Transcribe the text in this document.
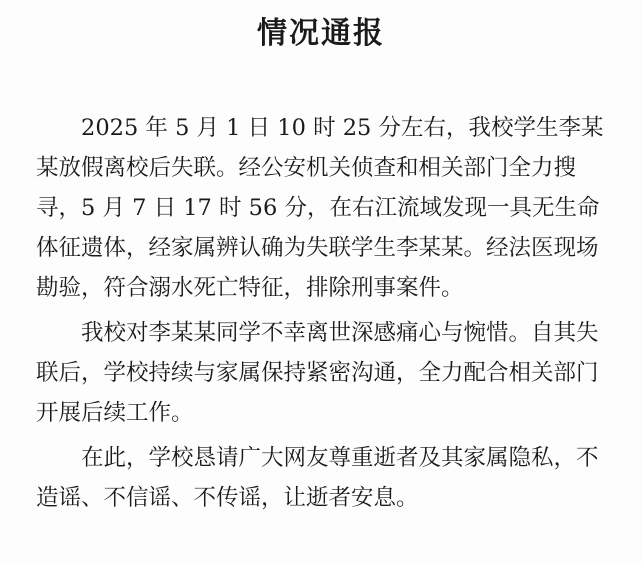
情况通报

2025 年 5 月 1 日 10 时 25 分左右，我校学生李某某放假离校后失联。经公安机关侦查和相关部门全力搜寻，5 月 7 日 17 时 56 分，在右江流域发现一具无生命体征遗体，经家属辨认确为失联学生李某某。经法医现场勘验，符合溺水死亡特征，排除刑事案件。

我校对李某某同学不幸离世深感痛心与惋惜。自其失联后，学校持续与家属保持紧密沟通，全力配合相关部门开展后续工作。

在此，学校恳请广大网友尊重逝者及其家属隐私，不造谣、不信谣、不传谣，让逝者安息。
